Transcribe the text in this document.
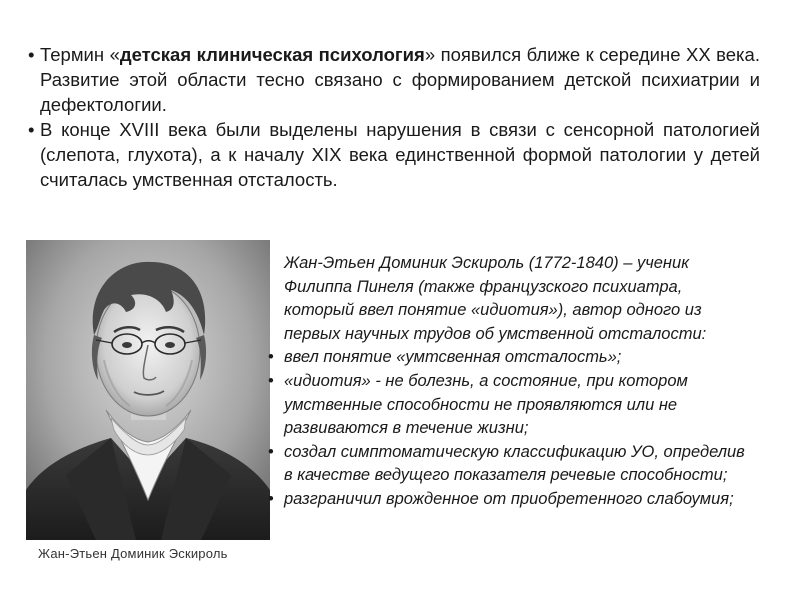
• Термин «детская клиническая психология» появился ближе к середине XX века. Развитие этой области тесно связано с формированием детской психиатрии и дефектологии.
• В конце XVIII века были выделены нарушения в связи с сенсорной патологией (слепота, глухота), а к началу XIX века единственной формой патологии у детей считалась умственная отсталость.
Жан-Этьен Доминик Эскироль
Жан-Этьен Доминик Эскироль (1772-1840) – ученик Филиппа Пинеля (также французского психиатра, который ввел понятие «идиотия»), автор одного из первых научных трудов об умственной отсталости:
• ввел понятие «умтсвенная отсталость»;
• «идиотия» - не болезнь, а состояние, при котором умственные способности не проявляются или не развиваются в течение жизни;
• создал симптоматическую классификацию УО, определив в качестве ведущего показателя речевые способности;
• разграничил врожденное от приобретенного слабоумия;
